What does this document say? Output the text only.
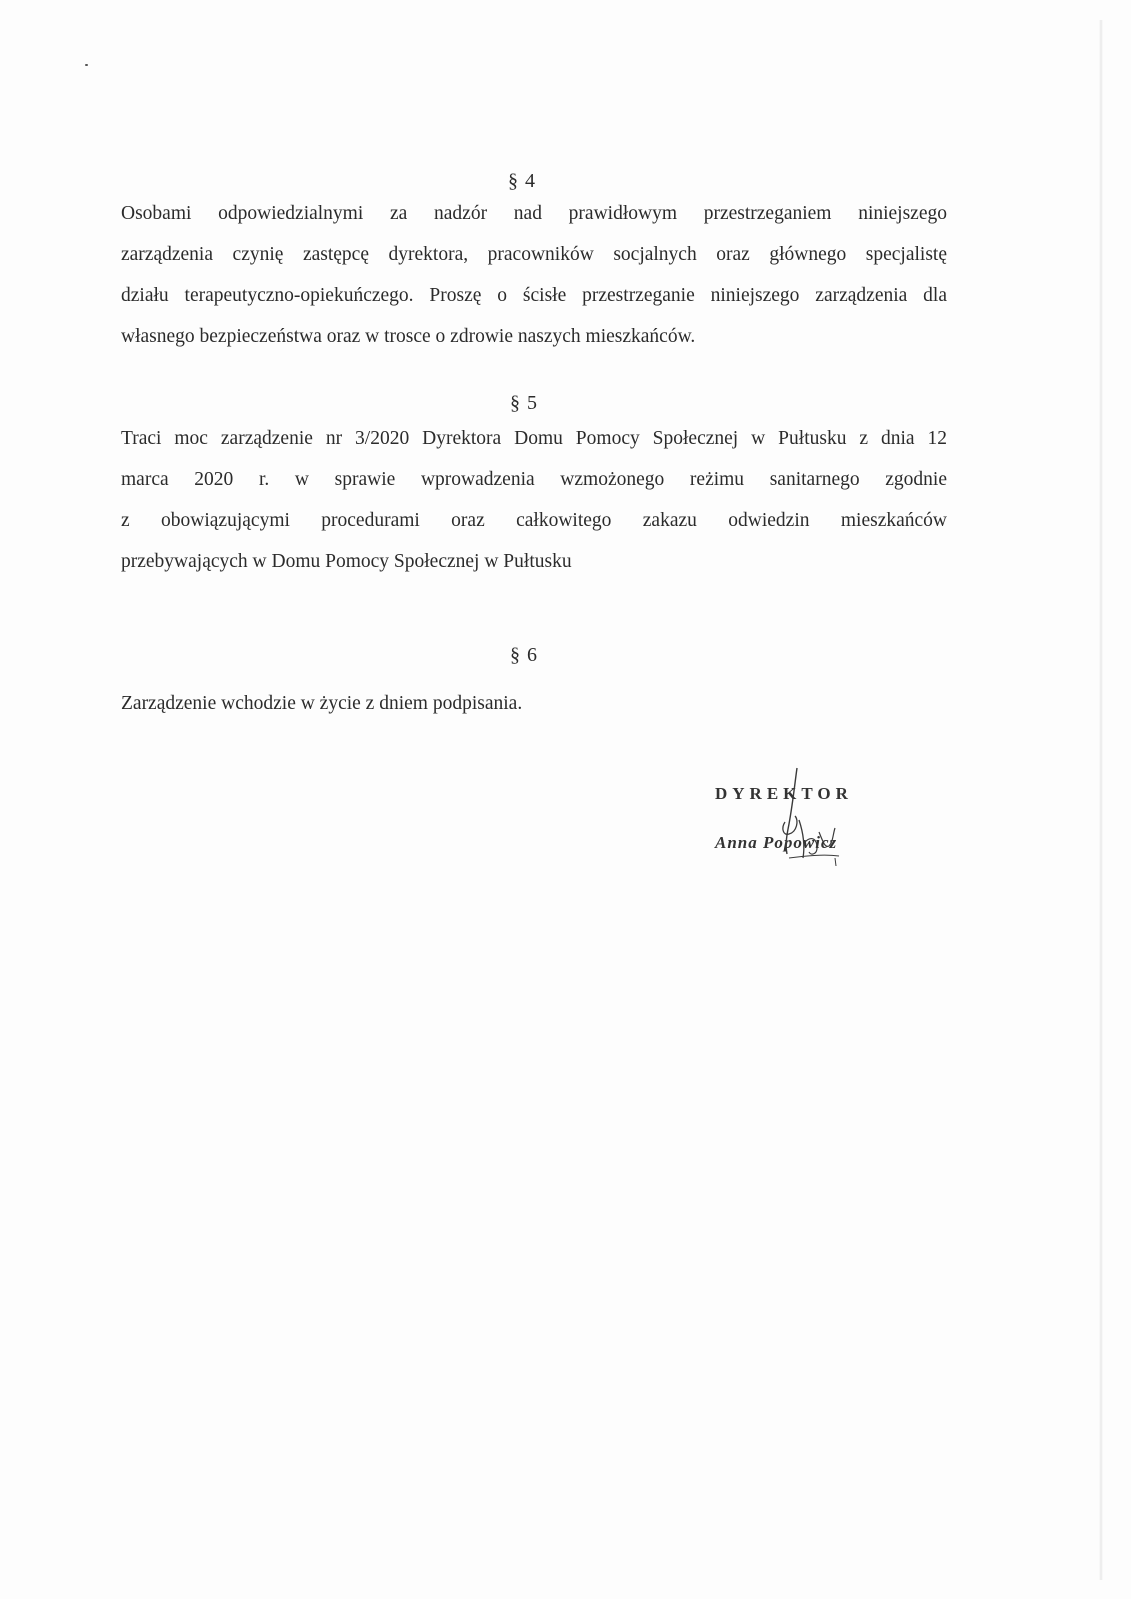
§ 4
Osobami odpowiedzialnymi za nadzór nad prawidłowym przestrzeganiem niniejszego
zarządzenia czynię zastępcę dyrektora, pracowników socjalnych oraz głównego specjalistę
działu terapeutyczno-opiekuńczego. Proszę o ścisłe przestrzeganie niniejszego zarządzenia dla
własnego bezpieczeństwa oraz w trosce o zdrowie naszych mieszkańców.
§ 5
Traci moc zarządzenie nr 3/2020 Dyrektora Domu Pomocy Społecznej w Pułtusku z dnia 12
marca 2020 r. w sprawie wprowadzenia wzmożonego reżimu sanitarnego zgodnie
z obowiązującymi procedurami oraz całkowitego zakazu odwiedzin mieszkańców
przebywających w Domu Pomocy Społecznej w Pułtusku
§ 6
Zarządzenie wchodzie w życie z dniem podpisania.
DYREKTOR
Anna Popowicz
